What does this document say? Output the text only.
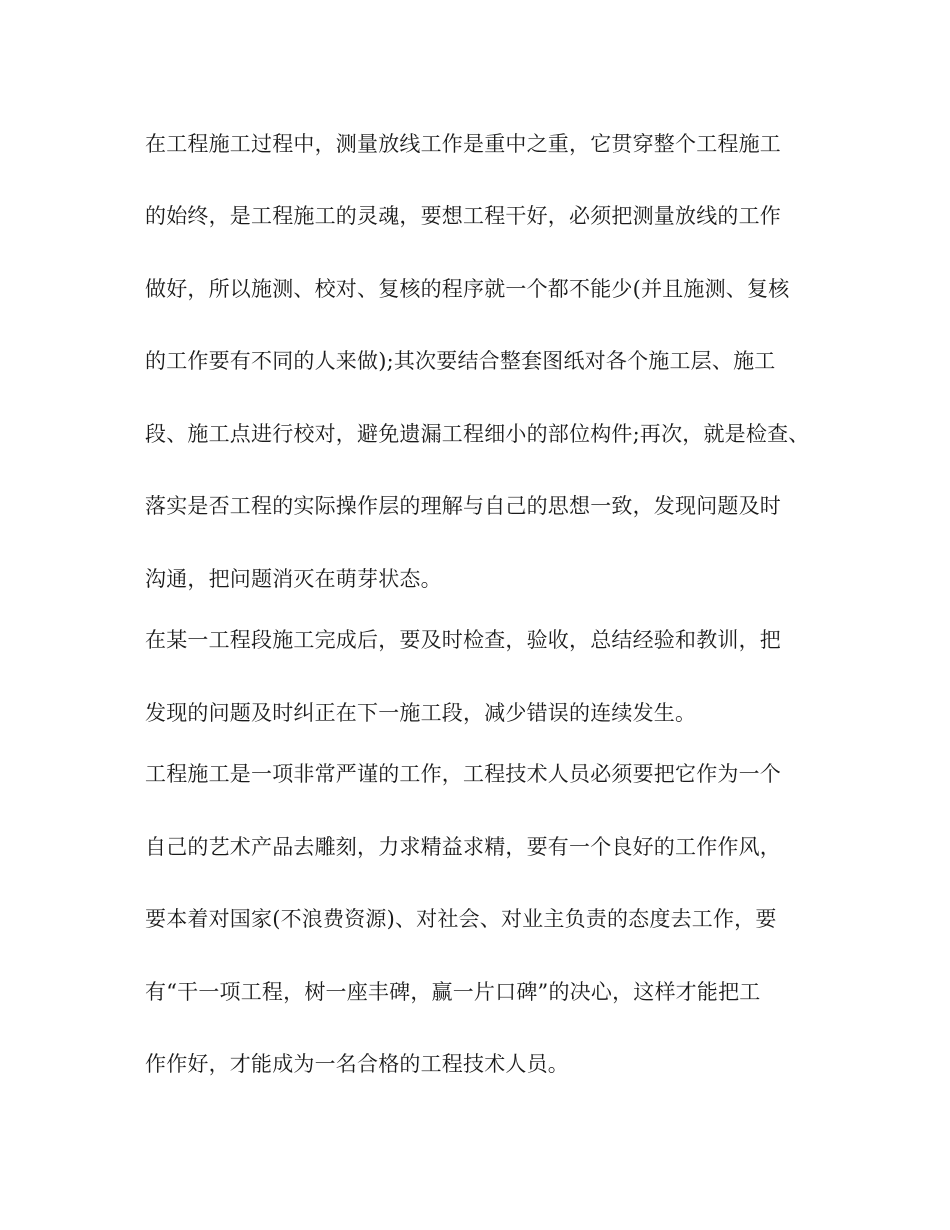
在工程施工过程中，测量放线工作是重中之重，它贯穿整个工程施工
的始终，是工程施工的灵魂，要想工程干好，必须把测量放线的工作
做好，所以施测、校对、复核的程序就一个都不能少(并且施测、复核
的工作要有不同的人来做);其次要结合整套图纸对各个施工层、施工
段、施工点进行校对，避免遗漏工程细小的部位构件;再次，就是检查、
落实是否工程的实际操作层的理解与自己的思想一致，发现问题及时
沟通，把问题消灭在萌芽状态。
在某一工程段施工完成后，要及时检查，验收，总结经验和教训，把
发现的问题及时纠正在下一施工段，减少错误的连续发生。
工程施工是一项非常严谨的工作，工程技术人员必须要把它作为一个
自己的艺术产品去雕刻，力求精益求精，要有一个良好的工作作风，
要本着对国家(不浪费资源)、对社会、对业主负责的态度去工作，要
有“干一项工程，树一座丰碑，赢一片口碑”的决心，这样才能把工
作作好，才能成为一名合格的工程技术人员。
